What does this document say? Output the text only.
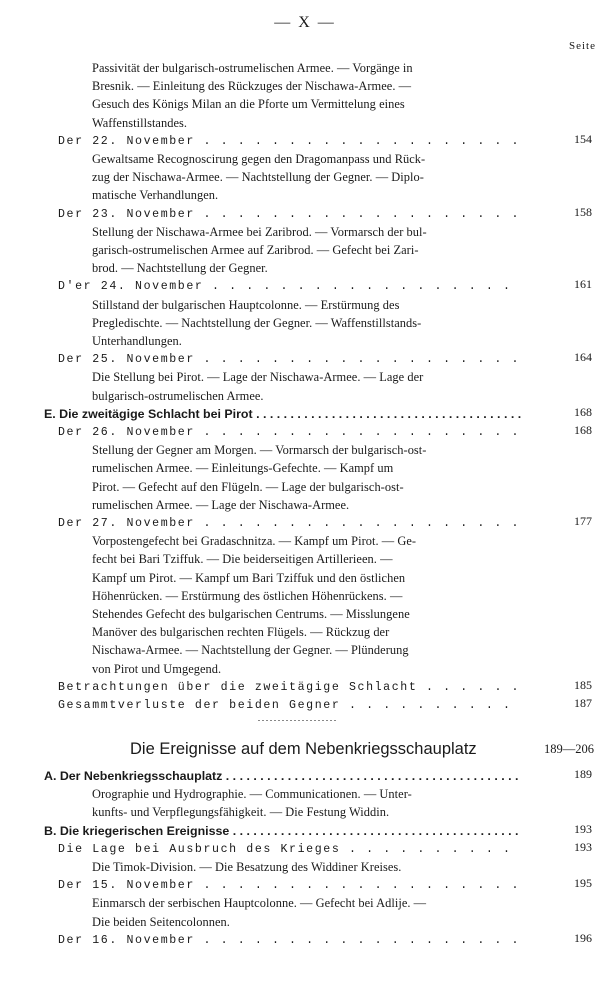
— X —
Seite
Passivität der bulgarisch-ostrumelischen Armee. — Vorgänge in
Bresnik. — Einleitung des Rückzuges der Nischawa-Armee. —
Gesuch des Königs Milan an die Pforte um Vermittelung eines
Waffenstillstandes.
Der 22. November . . .	154
Gewaltsame Recognoscirung gegen den Dragomanpass und Rück-
zug der Nischawa-Armee. — Nachtstellung der Gegner. — Diplo-
matische Verhandlungen.
Der 23. November . . .	158
Stellung der Nischawa-Armee bei Zaribrod. — Vormarsch der bul-
garisch-ostrumelischen Armee auf Zaribrod. — Gefecht bei Zari-
brod. — Nachtstellung der Gegner.
D'er 24. November . . .	161
Stillstand der bulgarischen Hauptcolonne. — Erstürmung des
Pregledischte. — Nachtstellung der Gegner. — Waffenstillstands-
Unterhandlungen.
Der 25. November . . .	164
Die Stellung bei Pirot. — Lage der Nischawa-Armee. — Lage der
bulgarisch-ostrumelischen Armee.
E. Die zweitägige Schlacht bei Pirot . . .	168
Der 26. November . . .	168
Stellung der Gegner am Morgen. — Vormarsch der bulgarisch-ost-
rumelischen Armee. — Einleitungs-Gefechte. — Kampf um
Pirot. — Gefecht auf den Flügeln. — Lage der bulgarisch-ost-
rumelischen Armee. — Lage der Nischawa-Armee.
Der 27. November . . .	177
Vorpostengefecht bei Gradaschnitza. — Kampf um Pirot. — Ge-
fecht bei Bari Tziffuk. — Die beiderseitigen Artillerieen. —
Kampf um Pirot. — Kampf um Bari Tziffuk und den östlichen
Höhenrücken. — Erstürmung des östlichen Höhenrückens. —
Stehendes Gefecht des bulgarischen Centrums. — Misslungene
Manöver des bulgarischen rechten Flügels. — Rückzug der
Nischawa-Armee. — Nachtstellung der Gegner. — Plünderung
von Pirot und Umgegend.
Betrachtungen über die zweitägige Schlacht . . .	185
Gesammtverluste der beiden Gegner . . .	187
Die Ereignisse auf dem Nebenkriegsschauplatz	189—206
A. Der Nebenkriegsschauplatz . . .	189
Orographie und Hydrographie. — Communicationen. — Unter-
kunfts- und Verpflegungsfähigkeit. — Die Festung Widdin.
B. Die kriegerischen Ereignisse . . .	193
Die Lage bei Ausbruch des Krieges . . .	193
Die Timok-Division. — Die Besatzung des Widdiner Kreises.
Der 15. November . . .	195
Einmarsch der serbischen Hauptcolonne. — Gefecht bei Adlije. —
Die beiden Seitencolonnen.
Der 16. November . . .	196
